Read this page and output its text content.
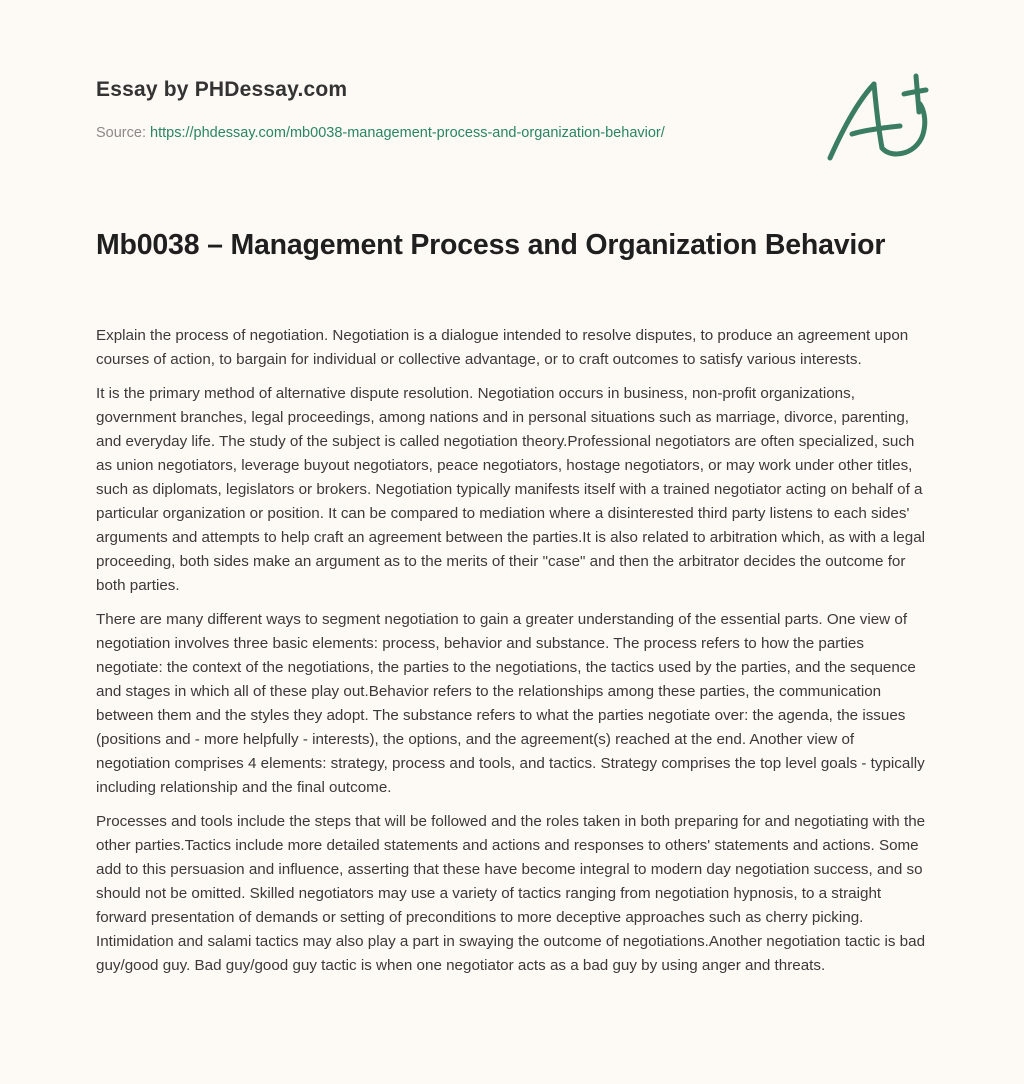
Essay by PHDessay.com
Source: https://phdessay.com/mb0038-management-process-and-organization-behavior/
Mb0038 – Management Process and Organization Behavior

Explain the process of negotiation. Negotiation is a dialogue intended to resolve disputes, to produce an agreement upon courses of action, to bargain for individual or collective advantage, or to craft outcomes to satisfy various interests.

It is the primary method of alternative dispute resolution. Negotiation occurs in business, non-profit organizations, government branches, legal proceedings, among nations and in personal situations such as marriage, divorce, parenting, and everyday life. The study of the subject is called negotiation theory.Professional negotiators are often specialized, such as union negotiators, leverage buyout negotiators, peace negotiators, hostage negotiators, or may work under other titles, such as diplomats, legislators or brokers. Negotiation typically manifests itself with a trained negotiator acting on behalf of a particular organization or position. It can be compared to mediation where a disinterested third party listens to each sides' arguments and attempts to help craft an agreement between the parties.It is also related to arbitration which, as with a legal proceeding, both sides make an argument as to the merits of their "case" and then the arbitrator decides the outcome for both parties.

There are many different ways to segment negotiation to gain a greater understanding of the essential parts. One view of negotiation involves three basic elements: process, behavior and substance. The process refers to how the parties negotiate: the context of the negotiations, the parties to the negotiations, the tactics used by the parties, and the sequence and stages in which all of these play out.Behavior refers to the relationships among these parties, the communication between them and the styles they adopt. The substance refers to what the parties negotiate over: the agenda, the issues (positions and - more helpfully - interests), the options, and the agreement(s) reached at the end. Another view of negotiation comprises 4 elements: strategy, process and tools, and tactics. Strategy comprises the top level goals - typically including relationship and the final outcome.

Processes and tools include the steps that will be followed and the roles taken in both preparing for and negotiating with the other parties.Tactics include more detailed statements and actions and responses to others' statements and actions. Some add to this persuasion and influence, asserting that these have become integral to modern day negotiation success, and so should not be omitted. Skilled negotiators may use a variety of tactics ranging from negotiation hypnosis, to a straight forward presentation of demands or setting of preconditions to more deceptive approaches such as cherry picking. Intimidation and salami tactics may also play a part in swaying the outcome of negotiations.Another negotiation tactic is bad guy/good guy. Bad guy/good guy tactic is when one negotiator acts as a bad guy by using anger and threats.
